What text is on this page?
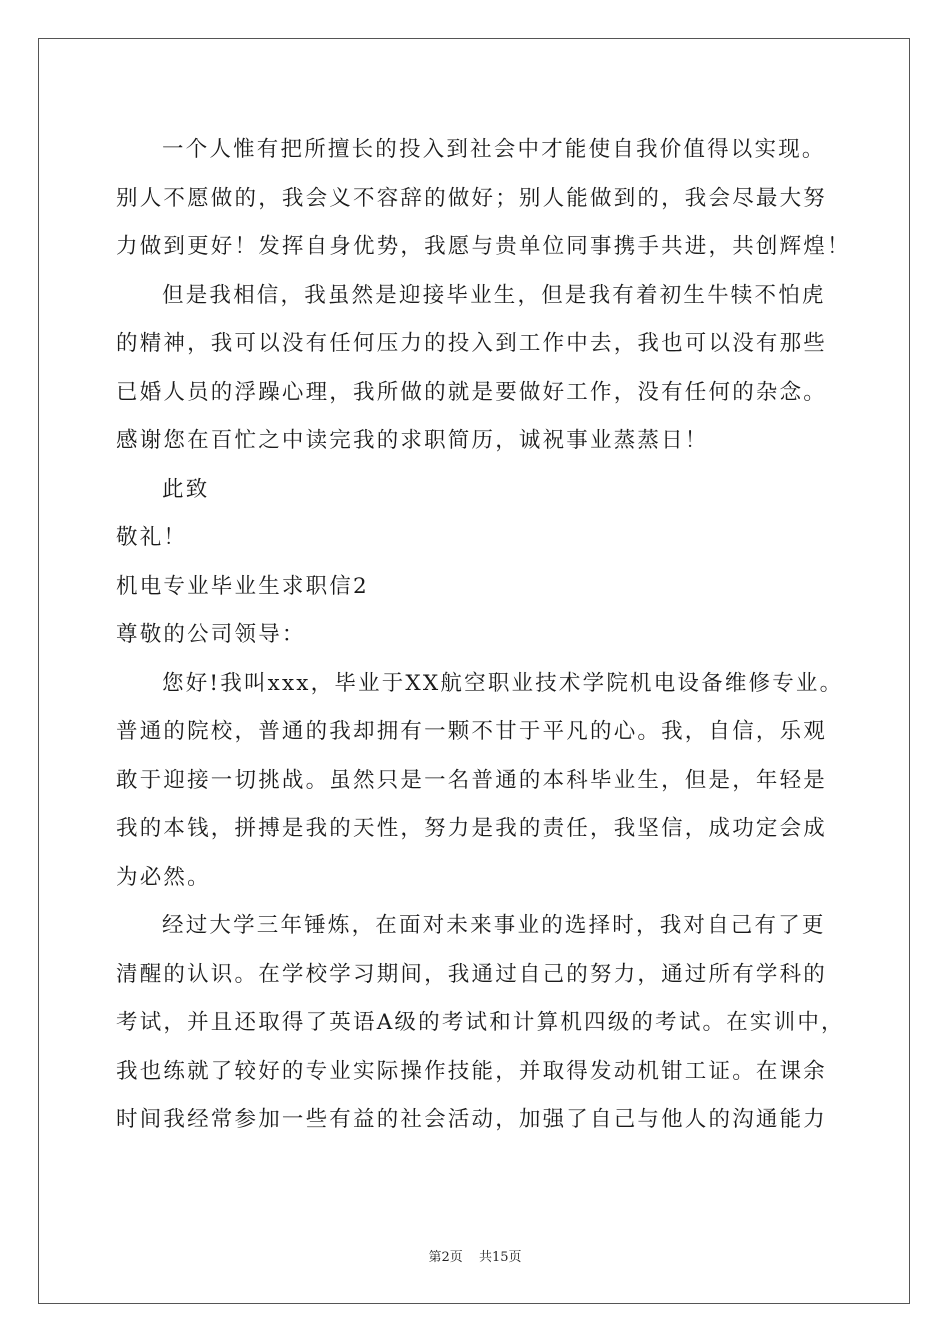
一个人惟有把所擅长的投入到社会中才能使自我价值得以实现。
别人不愿做的，我会义不容辞的做好；别人能做到的，我会尽最大努
力做到更好！发挥自身优势，我愿与贵单位同事携手共进，共创辉煌！
但是我相信，我虽然是迎接毕业生，但是我有着初生牛犊不怕虎
的精神，我可以没有任何压力的投入到工作中去，我也可以没有那些
已婚人员的浮躁心理，我所做的就是要做好工作，没有任何的杂念。
感谢您在百忙之中读完我的求职简历，诚祝事业蒸蒸日！
此致
敬礼！
机电专业毕业生求职信2
尊敬的公司领导：
您好!我叫xxx，毕业于XX航空职业技术学院机电设备维修专业。
普通的院校，普通的我却拥有一颗不甘于平凡的心。我，自信，乐观
敢于迎接一切挑战。虽然只是一名普通的本科毕业生，但是，年轻是
我的本钱，拼搏是我的天性，努力是我的责任，我坚信，成功定会成
为必然。
经过大学三年锤炼，在面对未来事业的选择时，我对自己有了更
清醒的认识。在学校学习期间，我通过自己的努力，通过所有学科的
考试，并且还取得了英语A级的考试和计算机四级的考试。在实训中，
我也练就了较好的专业实际操作技能，并取得发动机钳工证。在课余
时间我经常参加一些有益的社会活动，加强了自己与他人的沟通能力
第2页 共15页
